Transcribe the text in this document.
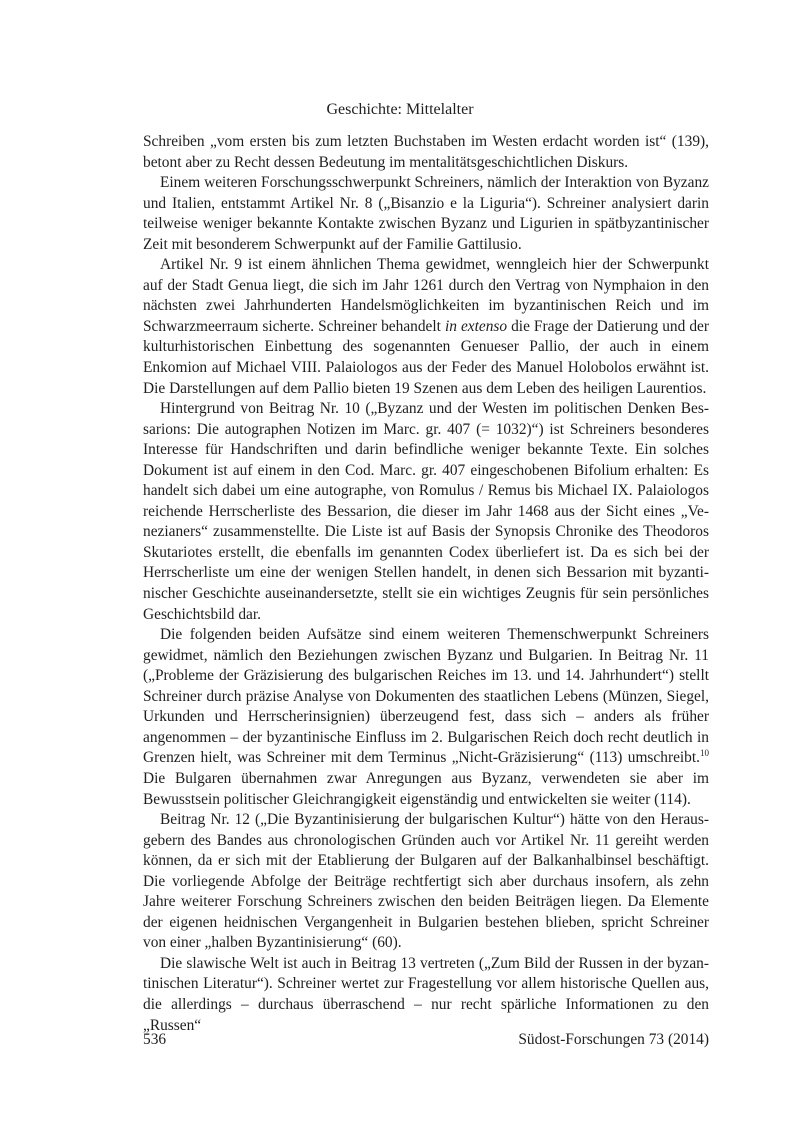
Geschichte: Mittelalter

Schreiben „vom ersten bis zum letzten Buchstaben im Westen erdacht worden ist“ (139), betont aber zu Recht dessen Bedeutung im mentalitätsgeschichtlichen Diskurs.

Einem weiteren Forschungsschwerpunkt Schreiners, nämlich der Interaktion von Byzanz und Italien, entstammt Artikel Nr. 8 („Bisanzio e la Liguria“). Schreiner analysiert darin teilweise weniger bekannte Kontakte zwischen Byzanz und Ligurien in spätbyzantinischer Zeit mit besonderem Schwerpunkt auf der Familie Gattilusio.

Artikel Nr. 9 ist einem ähnlichen Thema gewidmet, wenngleich hier der Schwerpunkt auf der Stadt Genua liegt, die sich im Jahr 1261 durch den Vertrag von Nymphaion in den nächsten zwei Jahrhunderten Handelsmöglichkeiten im byzantinischen Reich und im Schwarzmeerraum sicherte. Schreiner behandelt in extenso die Frage der Datierung und der kulturhistorischen Einbettung des sogenannten Genueser Pallio, der auch in einem Enkomion auf Michael VIII. Palaiologos aus der Feder des Manuel Holobolos erwähnt ist. Die Darstellungen auf dem Pallio bieten 19 Szenen aus dem Leben des heiligen Laurentios.

Hintergrund von Beitrag Nr. 10 („Byzanz und der Westen im politischen Denken Bessarions: Die autographen Notizen im Marc. gr. 407 (= 1032)“) ist Schreiners besonderes Interesse für Handschriften und darin befindliche weniger bekannte Texte. Ein solches Dokument ist auf einem in den Cod. Marc. gr. 407 eingeschobenen Bifolium erhalten: Es handelt sich dabei um eine autographe, von Romulus / Remus bis Michael IX. Palaiologos reichende Herrscherliste des Bessarion, die dieser im Jahr 1468 aus der Sicht eines „Venezianers“ zusammenstellte. Die Liste ist auf Basis der Synopsis Chronike des Theodoros Skutariotes erstellt, die ebenfalls im genannten Codex überliefert ist. Da es sich bei der Herrscherliste um eine der wenigen Stellen handelt, in denen sich Bessarion mit byzantinischer Geschichte auseinandersetzte, stellt sie ein wichtiges Zeugnis für sein persönliches Geschichtsbild dar.

Die folgenden beiden Aufsätze sind einem weiteren Themenschwerpunkt Schreiners gewidmet, nämlich den Beziehungen zwischen Byzanz und Bulgarien. In Beitrag Nr. 11 („Probleme der Gräzisierung des bulgarischen Reiches im 13. und 14. Jahrhundert“) stellt Schreiner durch präzise Analyse von Dokumenten des staatlichen Lebens (Münzen, Siegel, Urkunden und Herrscherinsignien) überzeugend fest, dass sich – anders als früher angenommen – der byzantinische Einfluss im 2. Bulgarischen Reich doch recht deutlich in Grenzen hielt, was Schreiner mit dem Terminus „Nicht-Gräzisierung“ (113) umschreibt.$^{10}$ Die Bulgaren übernahmen zwar Anregungen aus Byzanz, verwendeten sie aber im Bewusstsein politischer Gleichrangigkeit eigenständig und entwickelten sie weiter (114).

Beitrag Nr. 12 („Die Byzantinisierung der bulgarischen Kultur“) hätte von den Herausgebern des Bandes aus chronologischen Gründen auch vor Artikel Nr. 11 gereiht werden können, da er sich mit der Etablierung der Bulgaren auf der Balkanhalbinsel beschäftigt. Die vorliegende Abfolge der Beiträge rechtfertigt sich aber durchaus insofern, als zehn Jahre weiterer Forschung Schreiners zwischen den beiden Beiträgen liegen. Da Elemente der eigenen heidnischen Vergangenheit in Bulgarien bestehen blieben, spricht Schreiner von einer „halben Byzantinisierung“ (60).

Die slawische Welt ist auch in Beitrag 13 vertreten („Zum Bild der Russen in der byzantinischen Literatur“). Schreiner wertet zur Fragestellung vor allem historische Quellen aus, die allerdings – durchaus überraschend – nur recht spärliche Informationen zu den „Russen“

536	Südost-Forschungen 73 (2014)
